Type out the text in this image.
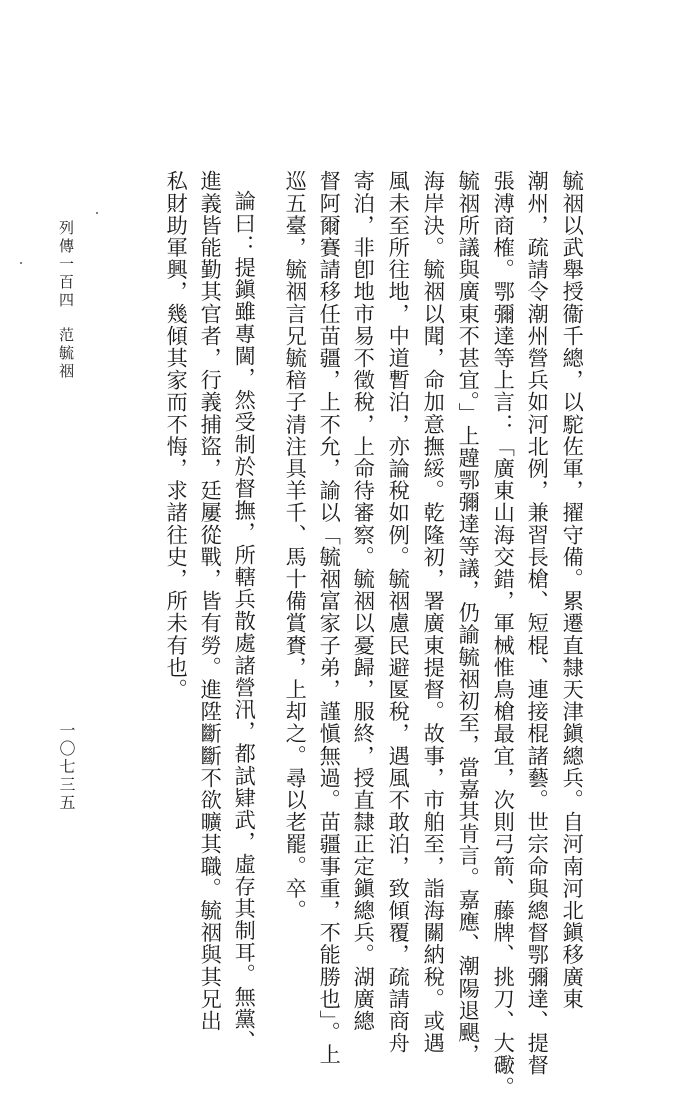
毓䄄以武舉授衞千總，以駝佐軍，擢守備。累遷直隸天津鎭總兵。自河南河北鎭移廣東
潮州，疏請令潮州營兵如河北例，兼習長槍、短棍、連接棍諸藝。世宗命與總督鄂彌達、提督
張溥商榷。鄂彌達等上言：「廣東山海交錯，軍械惟鳥槍最宜，次則弓箭、藤牌、挑刀、大礮。
毓䄄所議與廣東不甚宜。」上韙鄂彌達等議，仍諭毓䄄初至，當嘉其肯言。嘉應、潮陽退颶，
海岸決。毓䄄以聞，命加意撫綏。乾隆初，署廣東提督。故事，市舶至，詣海關納稅。或遇
風未至所往地，中道暫泊，亦論稅如例。毓䄄慮民避匽稅，遇風不敢泊，致傾覆，疏請商舟
寄泊，非卽地市易不徵稅，上命待審察。毓䄄以憂歸，服終，授直隸正定鎭總兵。湖廣總
督阿爾賽請移任苗疆，上不允，諭以「毓䄄富家子弟，謹愼無過。苗疆事重，不能勝也」。上
巡五臺，毓䄄言兄毓䅧子清注具羊千、馬十備賞賚，上却之。尋以老罷。卒。
論曰：提鎭雖專閫，然受制於督撫，所轄兵散處諸營汛，都試肄武，虛存其制耳。無黨、
進義皆能勤其官者，行義捕盜，廷屢從戰，皆有勞。進陞斷斷不欲曠其職。毓䄄與其兄出
私財助軍興，幾傾其家而不悔，求諸往史，所未有也。
列傳一百四
范毓䄄
一〇七三五
